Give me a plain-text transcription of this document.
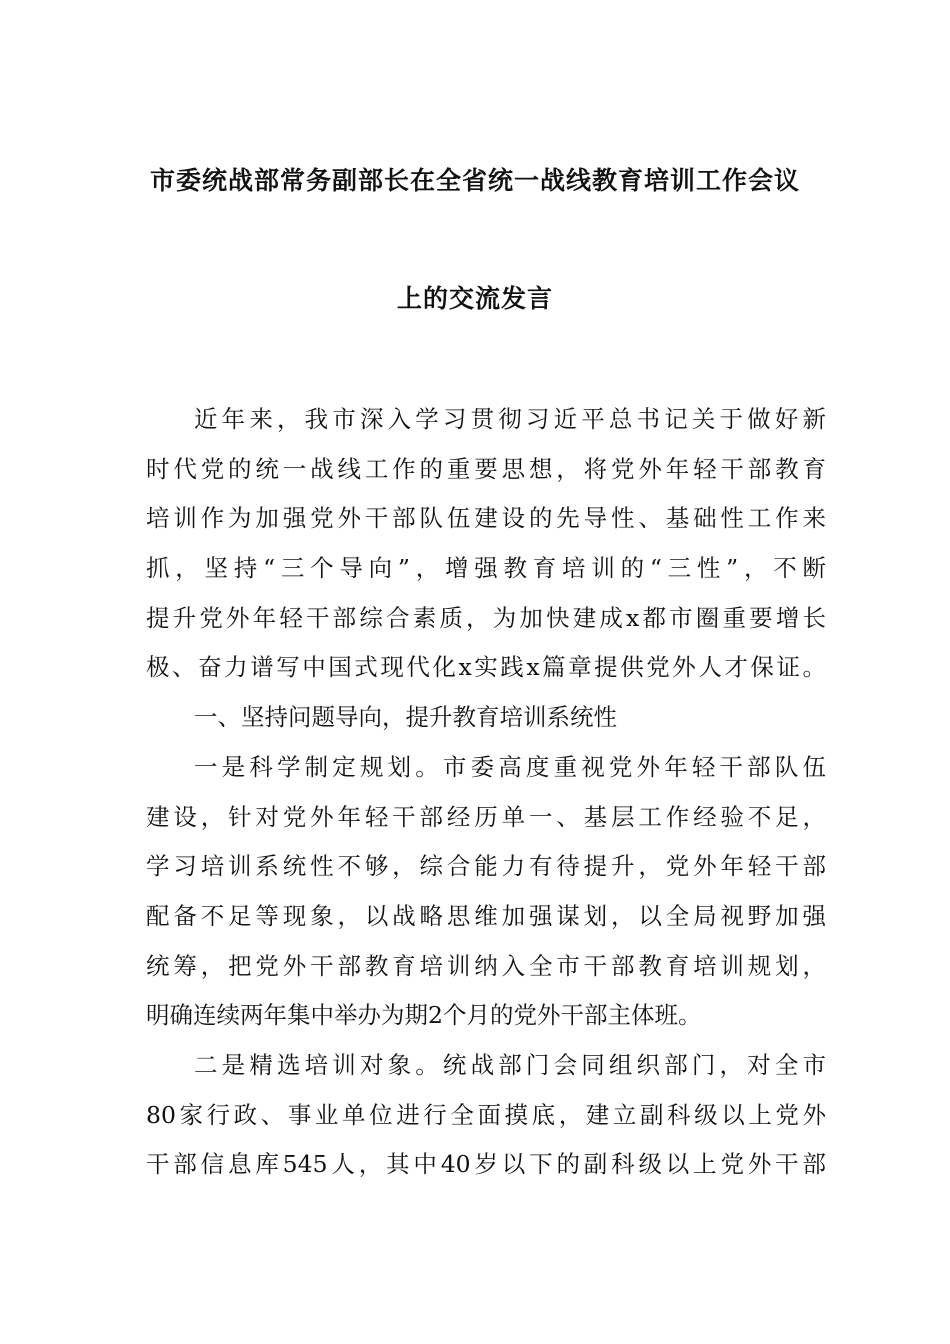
市委统战部常务副部长在全省统一战线教育培训工作会议
上的交流发言
近年来，我市深入学习贯彻习近平总书记关于做好新
时代党的统一战线工作的重要思想，将党外年轻干部教育
培训作为加强党外干部队伍建设的先导性、基础性工作来
抓，坚持“三个导向”，增强教育培训的“三性”，不断
提升党外年轻干部综合素质，为加快建成x都市圈重要增长
极、奋力谱写中国式现代化x实践x篇章提供党外人才保证。
一、坚持问题导向，提升教育培训系统性
一是科学制定规划。市委高度重视党外年轻干部队伍
建设，针对党外年轻干部经历单一、基层工作经验不足，
学习培训系统性不够，综合能力有待提升，党外年轻干部
配备不足等现象，以战略思维加强谋划，以全局视野加强
统筹，把党外干部教育培训纳入全市干部教育培训规划，
明确连续两年集中举办为期2个月的党外干部主体班。
二是精选培训对象。统战部门会同组织部门，对全市
80家行政、事业单位进行全面摸底，建立副科级以上党外
干部信息库545人，其中40岁以下的副科级以上党外干部
